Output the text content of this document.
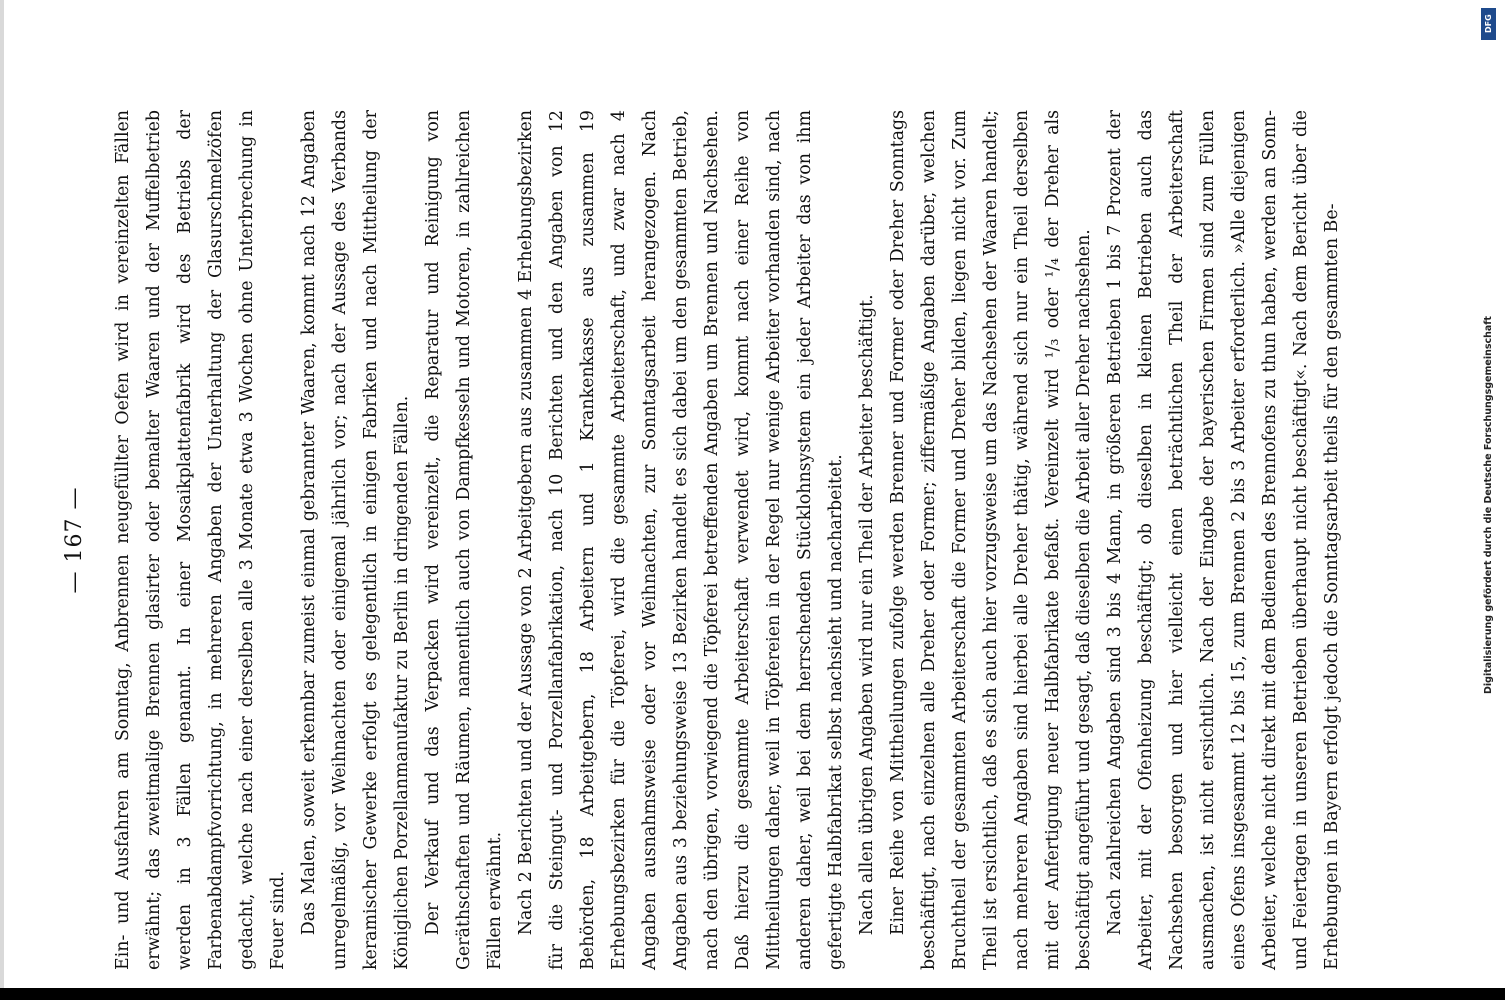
— 167 — Ein- und Ausfahren am Sonntag, Anbrennen neugefüllter Oefen wird in vereinzelten Fällen erwähnt; das zweitmalige Brennen glasirter oder bemalter Waaren und der Muffelbetrieb werden in 3 Fällen genannt. In einer Mosaikplattenfabrik wird des Betriebs der Farbenabdampfvorrichtung, in mehreren Angaben der Unterhaltung der Glasurschmelzöfen gedacht, welche nach einer derselben alle 3 Monate etwa 3 Wochen ohne Unterbrechung in Feuer sind. Das Malen, soweit erkennbar zumeist einmal gebrannter Waaren, kommt nach 12 Angaben unregelmäßig, vor Weihnachten oder einigemal jährlich vor; nach der Aussage des Verbands keramischer Gewerke erfolgt es gelegentlich in einigen Fabriken und nach Mittheilung der Königlichen Porzellanmanufaktur zu Berlin in dringenden Fällen. Der Verkauf und das Verpacken wird vereinzelt, die Reparatur und Reinigung von Geräthschaften und Räumen, namentlich auch von Dampfkesseln und Motoren, in zahlreichen Fällen erwähnt. Nach 2 Berichten und der Aussage von 2 Arbeitgebern aus zusammen 4 Erhebungsbezirken für die Steingut- und Porzellanfabrikation, nach 10 Berichten und den Angaben von 12 Behörden, 18 Arbeitgebern, 18 Arbeitern und 1 Krankenkasse aus zusammen 19 Erhebungsbezirken für die Töpferei, wird die gesammte Arbeiterschaft, und zwar nach 4 Angaben ausnahmsweise oder vor Weihnachten, zur Sonntagsarbeit herangezogen. Nach Angaben aus 3 beziehungsweise 13 Bezirken handelt es sich dabei um den gesammten Betrieb, nach den übrigen, vorwiegend die Töpferei betreffenden Angaben um Brennen und Nachsehen. Daß hierzu die gesammte Arbeiterschaft verwendet wird, kommt nach einer Reihe von Mittheilungen daher, weil in Töpfereien in der Regel nur wenige Arbeiter vorhanden sind, nach anderen daher, weil bei dem herrschenden Stücklohnsystem ein jeder Arbeiter das von ihm gefertigte Halbfabrikat selbst nachsieht und nacharbeitet. Nach allen übrigen Angaben wird nur ein Theil der Arbeiter beschäftigt. Einer Reihe von Mittheilungen zufolge werden Brenner und Former oder Dreher Sonntags beschäftigt, nach einzelnen alle Dreher oder Former; ziffermäßige Angaben darüber, welchen Bruchtheil der gesammten Arbeiterschaft die Former und Dreher bilden, liegen nicht vor. Zum Theil ist ersichtlich, daß es sich auch hier vorzugsweise um das Nachsehen der Waaren handelt; nach mehreren Angaben sind hierbei alle Dreher thätig, während sich nur ein Theil derselben mit der Anfertigung neuer Halbfabrikate befaßt. Vereinzelt wird ¹/₃ oder ¹/₄ der Dreher als beschäftigt angeführt und gesagt, daß dieselben die Arbeit aller Dreher nachsehen. Nach zahlreichen Angaben sind 3 bis 4 Mann, in größeren Betrieben 1 bis 7 Prozent der Arbeiter, mit der Ofenheizung beschäftigt; ob dieselben in kleinen Betrieben auch das Nachsehen besorgen und hier vielleicht einen beträchtlichen Theil der Arbeiterschaft ausmachen, ist nicht ersichtlich. Nach der Eingabe der bayerischen Firmen sind zum Füllen eines Ofens insgesammt 12 bis 15, zum Brennen 2 bis 3 Arbeiter erforderlich. »Alle diejenigen Arbeiter, welche nicht direkt mit dem Bedienen des Brennofens zu thun haben, werden an Sonn- und Feiertagen in unseren Betrieben überhaupt nicht beschäftigt«. Nach dem Bericht über die Erhebungen in Bayern erfolgt jedoch die Sonntagsarbeit theils für den gesammten Be-

DFG
Digitalisierung gefördert durch die Deutsche Forschungsgemeinschaft
